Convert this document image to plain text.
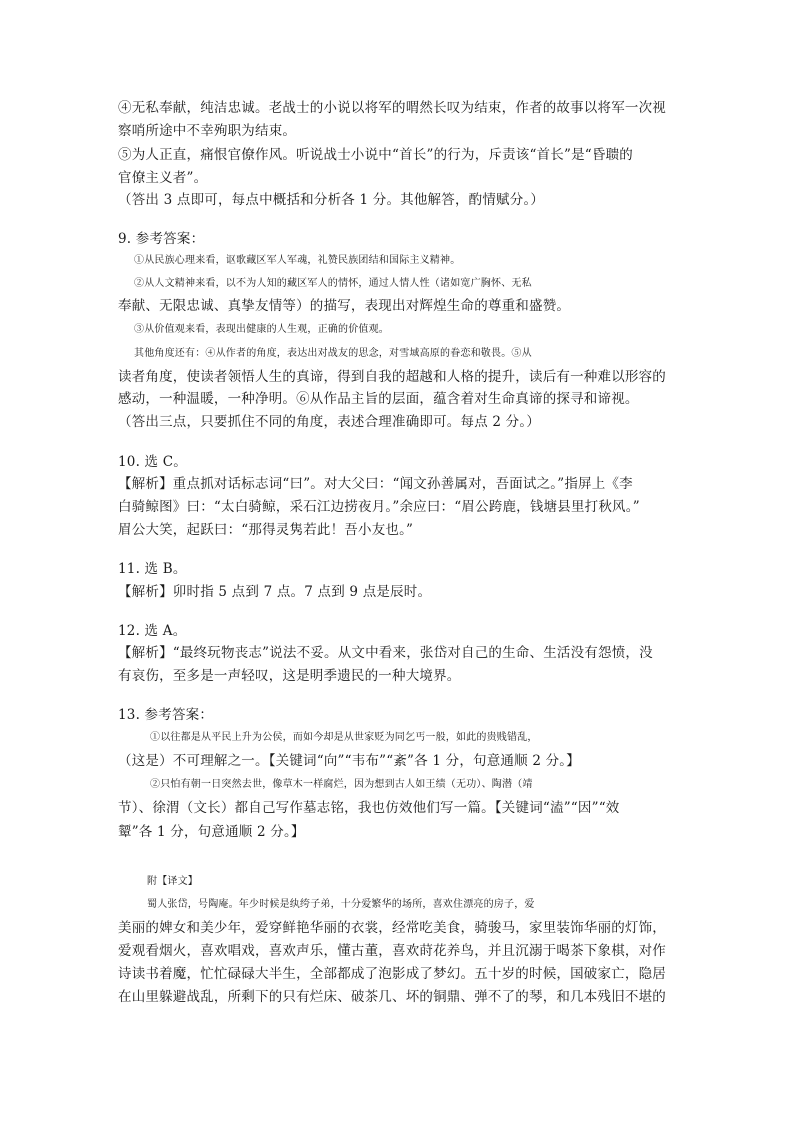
④无私奉献，纯洁忠诚。老战士的小说以将军的喟然长叹为结束，作者的故事以将军一次视
察哨所途中不幸殉职为结束。
⑤为人正直，痛恨官僚作风。听说战士小说中“首长”的行为，斥责该“首长”是“昏聩的
官僚主义者”。
（答出 3 点即可，每点中概括和分析各 1 分。其他解答，酌情赋分。）
9. 参考答案：
①从民族心理来看，讴歌藏区军人军魂，礼赞民族团结和国际主义精神。
②从人文精神来看，以不为人知的藏区军人的情怀，通过人情人性（诸如宽广胸怀、无私
奉献、无限忠诚、真挚友情等）的描写，表现出对辉煌生命的尊重和盛赞。
③从价值观来看，表现出健康的人生观，正确的价值观。
其他角度还有：④从作者的角度，表达出对战友的思念，对雪域高原的眷恋和敬畏。⑤从
读者角度，使读者领悟人生的真谛，得到自我的超越和人格的提升，读后有一种难以形容的
感动，一种温暖，一种净明。⑥从作品主旨的层面，蕴含着对生命真谛的探寻和谛视。
（答出三点，只要抓住不同的角度，表述合理准确即可。每点 2 分。）
10. 选 C。
【解析】重点抓对话标志词“曰”。对大父曰：“闻文孙善属对，吾面试之。”指屏上《李
白骑鲸图》曰：“太白骑鲸，采石江边捞夜月。”余应曰：“眉公跨鹿，钱塘县里打秋风。”
眉公大笑，起跃曰：“那得灵隽若此！吾小友也。”
11. 选 B。
【解析】卯时指 5 点到 7 点。7 点到 9 点是辰时。
12. 选 A。
【解析】“最终玩物丧志”说法不妥。从文中看来，张岱对自己的生命、生活没有怨愤，没
有哀伤，至多是一声轻叹，这是明季遗民的一种大境界。
13. 参考答案：
①以往都是从平民上升为公侯，而如今却是从世家贬为同乞丐一般，如此的贵贱错乱，
（这是）不可理解之一。【关键词“向”“韦布”“紊”各 1 分，句意通顺 2 分。】
②只怕有朝一日突然去世，像草木一样腐烂，因为想到古人如王绩（无功）、陶潜（靖
节）、徐渭（文长）都自己写作墓志铭，我也仿效他们写一篇。【关键词“溘”“因”“效
颦”各 1 分，句意通顺 2 分。】
附【译文】
蜀人张岱，号陶庵。年少时候是纨绔子弟，十分爱繁华的场所，喜欢住漂亮的房子，爱
美丽的婢女和美少年，爱穿鲜艳华丽的衣裳，经常吃美食，骑骏马，家里装饰华丽的灯饰，
爱观看烟火，喜欢唱戏，喜欢声乐，懂古董，喜欢莳花养鸟，并且沉溺于喝茶下象棋，对作
诗读书着魔，忙忙碌碌大半生，全部都成了泡影成了梦幻。五十岁的时候，国破家亡，隐居
在山里躲避战乱，所剩下的只有烂床、破茶几、坏的铜鼎、弹不了的琴，和几本残旧不堪的
